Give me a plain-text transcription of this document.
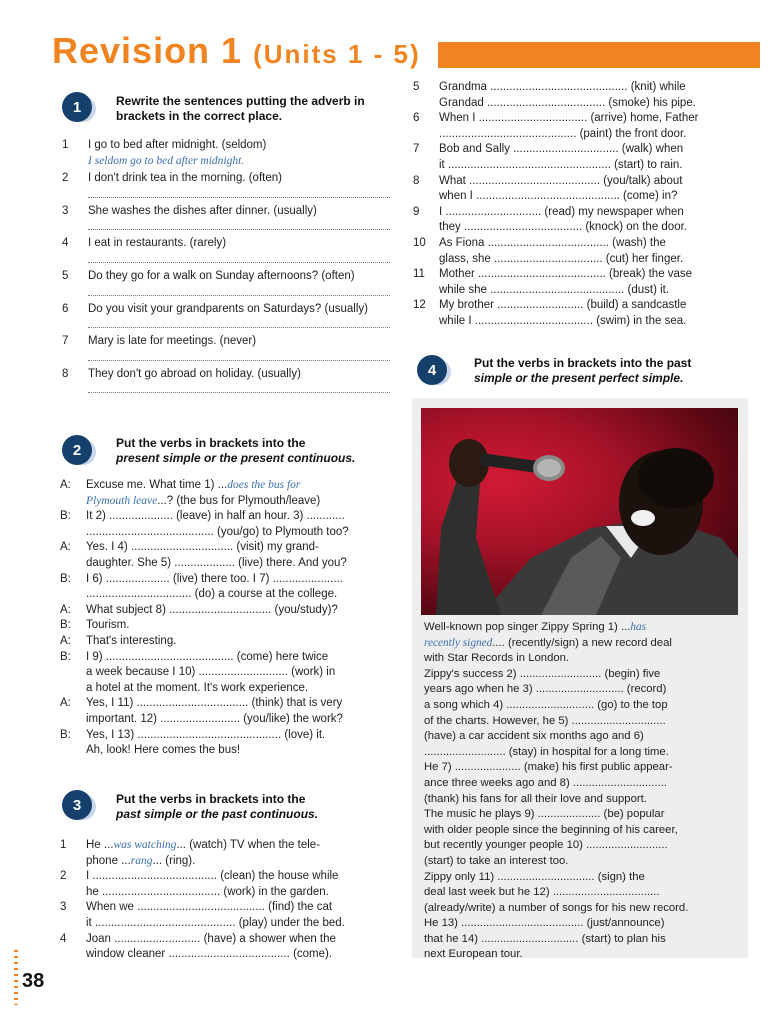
Revision 1 (Units 1 - 5)
1	Rewrite the sentences putting the adverb in brackets in the correct place.
1	I go to bed after midnight. (seldom)
I seldom go to bed after midnight.
2	I don't drink tea in the morning. (often)
3	She washes the dishes after dinner. (usually)
4	I eat in restaurants. (rarely)
5	Do they go for a walk on Sunday afternoons? (often)
6	Do you visit your grandparents on Saturdays? (usually)
7	Mary is late for meetings. (never)
8	They don't go abroad on holiday. (usually)
2	Put the verbs in brackets into the
present simple or the present continuous.
A:	Excuse me. What time 1) ...does the bus for
Plymouth leave...? (the bus for Plymouth/leave)
B:	It 2) .................... (leave) in half an hour. 3) ............
........................................ (you/go) to Plymouth too?
A:	Yes. I 4) ................................ (visit) my grand-
daughter. She 5) ................... (live) there. And you?
B:	I 6) .................... (live) there too. I 7) ......................
................................. (do) a course at the college.
A:	What subject 8) ................................ (you/study)?
B:	Tourism.
A:	That's interesting.
B:	I 9) ........................................ (come) here twice
a week because I 10) ............................ (work) in
a hotel at the moment. It's work experience.
A:	Yes, I 11) ................................... (think) that is very
important. 12) ......................... (you/like) the work?
B:	Yes, I 13) ............................................. (love) it.
Ah, look! Here comes the bus!
3	Put the verbs in brackets into the
past simple or the past continuous.
1	He ...was watching... (watch) TV when the tele-
phone ...rang... (ring).
2	I ....................................... (clean) the house while
he ..................................... (work) in the garden.
3	When we ........................................ (find) the cat
it ............................................ (play) under the bed.
4	Joan ........................... (have) a shower when the
window cleaner ...................................... (come).
5	Grandma ........................................... (knit) while
Grandad ..................................... (smoke) his pipe.
6	When I .................................. (arrive) home, Father
........................................... (paint) the front door.
7	Bob and Sally ................................. (walk) when
it ................................................... (start) to rain.
8	What ......................................... (you/talk) about
when I ............................................. (come) in?
9	I .............................. (read) my newspaper when
they ..................................... (knock) on the door.
10	As Fiona ...................................... (wash) the
glass, she .................................. (cut) her finger.
11	Mother ........................................ (break) the vase
while she .......................................... (dust) it.
12	My brother ........................... (build) a sandcastle
while I ..................................... (swim) in the sea.
4	Put the verbs in brackets into the past
simple or the present perfect simple.
Well-known pop singer Zippy Spring 1) ...has
recently signed.... (recently/sign) a new record deal
with Star Records in London.
Zippy's success 2) .......................... (begin) five
years ago when he 3) ............................ (record)
a song which 4) ............................ (go) to the top
of the charts. However, he 5) ..............................
(have) a car accident six months ago and 6)
.......................... (stay) in hospital for a long time.
He 7) ..................... (make) his first public appear-
ance three weeks ago and 8) ..............................
(thank) his fans for all their love and support.
The music he plays 9) .................... (be) popular
with older people since the beginning of his career,
but recently younger people 10) ..........................
(start) to take an interest too.
Zippy only 11) ............................... (sign) the
deal last week but he 12) ..................................
(already/write) a number of songs for his new record.
He 13) ....................................... (just/announce)
that he 14) ............................... (start) to plan his
next European tour.
38
